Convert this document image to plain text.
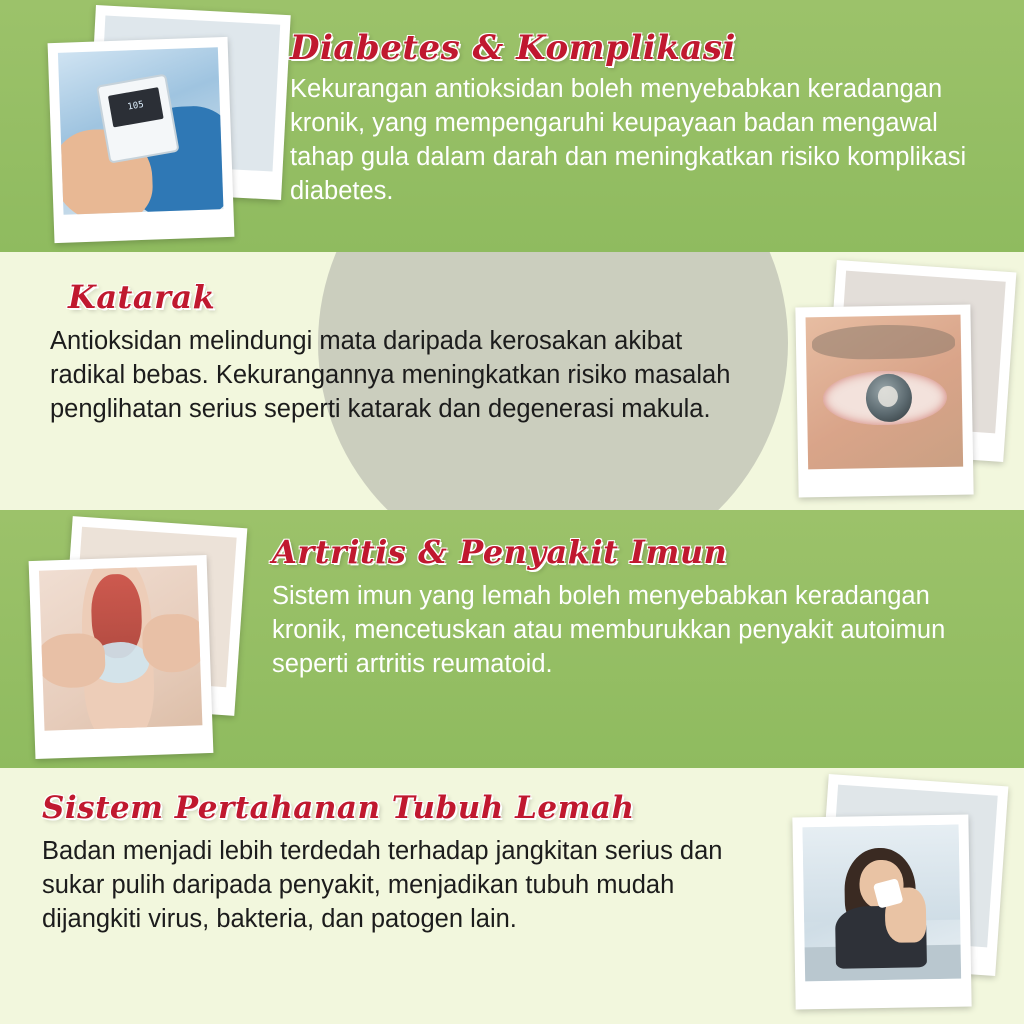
105
Diabetes & Komplikasi

Kekurangan antioksidan boleh menyebabkan keradangan kronik, yang mempengaruhi keupayaan badan mengawal tahap gula dalam darah dan meningkatkan risiko komplikasi diabetes.

Katarak

Antioksidan melindungi mata daripada kerosakan akibat radikal bebas. Kekurangannya meningkatkan risiko masalah penglihatan serius seperti katarak dan degenerasi makula.

Artritis & Penyakit Imun

Sistem imun yang lemah boleh menyebabkan keradangan kronik, mencetuskan atau memburukkan penyakit autoimun seperti artritis reumatoid.

Sistem Pertahanan Tubuh Lemah

Badan menjadi lebih terdedah terhadap jangkitan serius dan sukar pulih daripada penyakit, menjadikan tubuh mudah dijangkiti virus, bakteria, dan patogen lain.
